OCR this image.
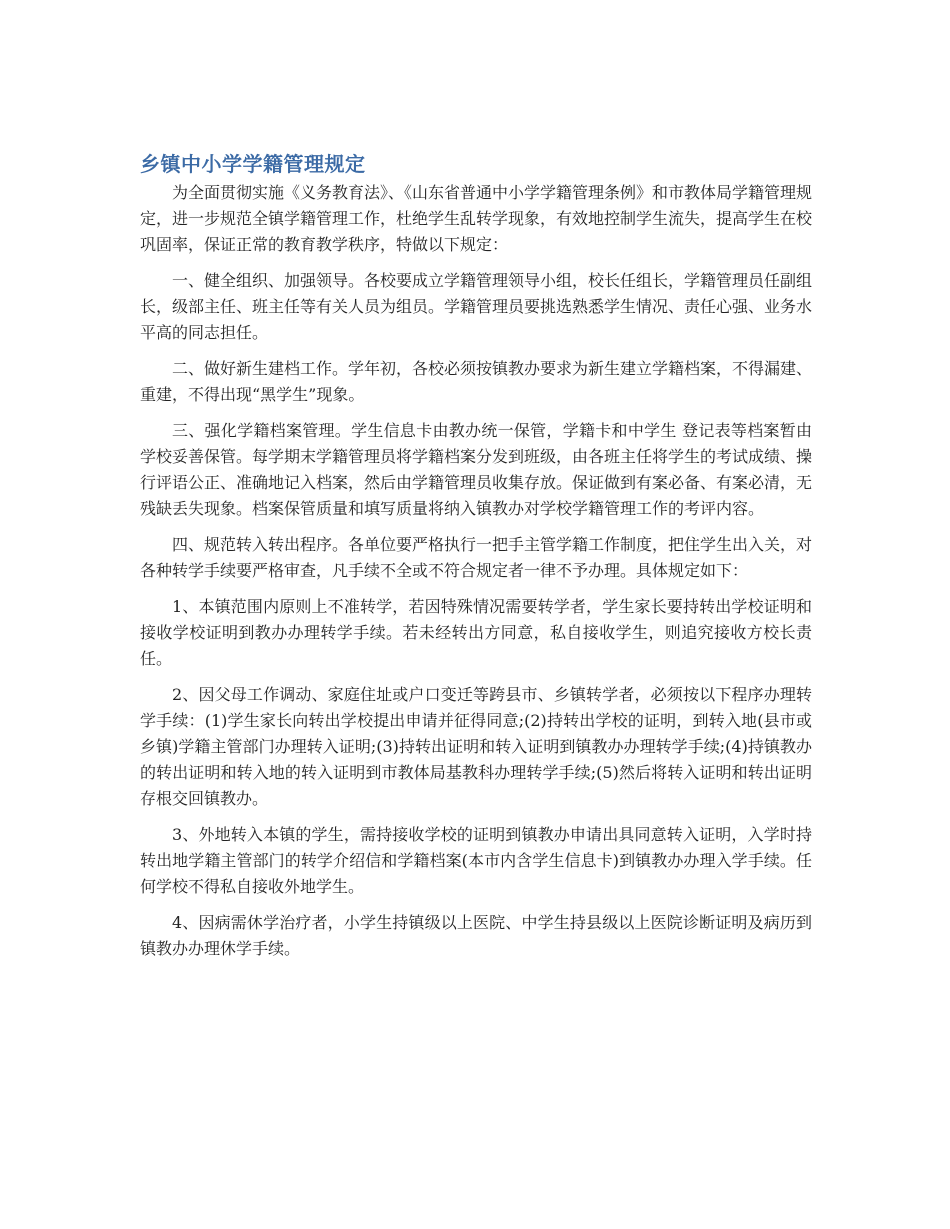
乡镇中小学学籍管理规定

为全面贯彻实施《义务教育法》、《山东省普通中小学学籍管理条例》和市教体局学籍管理规定，进一步规范全镇学籍管理工作，杜绝学生乱转学现象，有效地控制学生流失，提高学生在校巩固率，保证正常的教育教学秩序，特做以下规定：

一、健全组织、加强领导。各校要成立学籍管理领导小组，校长任组长，学籍管理员任副组长，级部主任、班主任等有关人员为组员。学籍管理员要挑选熟悉学生情况、责任心强、业务水平高的同志担任。

二、做好新生建档工作。学年初，各校必须按镇教办要求为新生建立学籍档案，不得漏建、重建，不得出现“黑学生”现象。

三、强化学籍档案管理。学生信息卡由教办统一保管，学籍卡和中学生 登记表等档案暂由学校妥善保管。每学期末学籍管理员将学籍档案分发到班级，由各班主任将学生的考试成绩、操行评语公正、准确地记入档案，然后由学籍管理员收集存放。保证做到有案必备、有案必清，无残缺丢失现象。档案保管质量和填写质量将纳入镇教办对学校学籍管理工作的考评内容。

四、规范转入转出程序。各单位要严格执行一把手主管学籍工作制度，把住学生出入关，对各种转学手续要严格审查，凡手续不全或不符合规定者一律不予办理。具体规定如下：

1、本镇范围内原则上不准转学，若因特殊情况需要转学者，学生家长要持转出学校证明和接收学校证明到教办办理转学手续。若未经转出方同意，私自接收学生，则追究接收方校长责任。

2、因父母工作调动、家庭住址或户口变迁等跨县市、乡镇转学者，必须按以下程序办理转学手续：(1)学生家长向转出学校提出申请并征得同意;(2)持转出学校的证明，到转入地(县市或乡镇)学籍主管部门办理转入证明;(3)持转出证明和转入证明到镇教办办理转学手续;(4)持镇教办的转出证明和转入地的转入证明到市教体局基教科办理转学手续;(5)然后将转入证明和转出证明存根交回镇教办。

3、外地转入本镇的学生，需持接收学校的证明到镇教办申请出具同意转入证明，入学时持转出地学籍主管部门的转学介绍信和学籍档案(本市内含学生信息卡)到镇教办办理入学手续。任何学校不得私自接收外地学生。

4、因病需休学治疗者，小学生持镇级以上医院、中学生持县级以上医院诊断证明及病历到镇教办办理休学手续。
